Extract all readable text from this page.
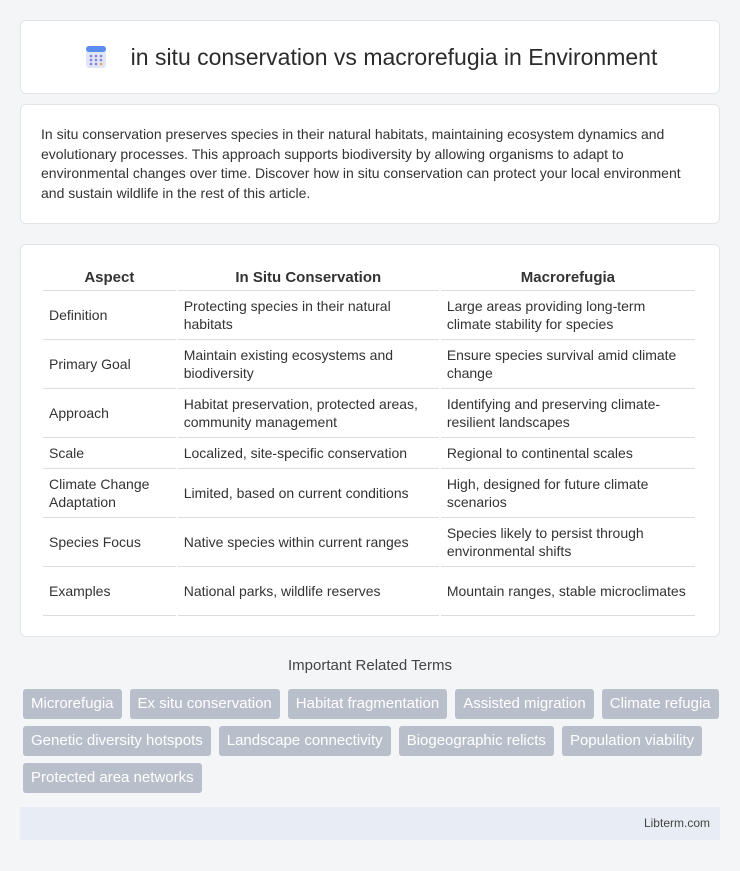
in situ conservation vs macrorefugia in Environment

In situ conservation preserves species in their natural habitats, maintaining ecosystem dynamics and evolutionary processes. This approach supports biodiversity by allowing organisms to adapt to environmental changes over time. Discover how in situ conservation can protect your local environment and sustain wildlife in the rest of this article.

Aspect	In Situ Conservation	Macrorefugia
Definition	Protecting species in their natural habitats	Large areas providing long-term climate stability for species
Primary Goal	Maintain existing ecosystems and biodiversity	Ensure species survival amid climate change
Approach	Habitat preservation, protected areas, community management	Identifying and preserving climate-resilient landscapes
Scale	Localized, site-specific conservation	Regional to continental scales
Climate Change Adaptation	Limited, based on current conditions	High, designed for future climate scenarios
Species Focus	Native species within current ranges	Species likely to persist through environmental shifts
Examples	National parks, wildlife reserves	Mountain ranges, stable microclimates
Important Related Terms
Microrefugia	Ex situ conservation	Habitat fragmentation	Assisted migration	Climate refugia
Genetic diversity hotspots	Landscape connectivity	Biogeographic relicts	Population viability
Protected area networks
Libterm.com
